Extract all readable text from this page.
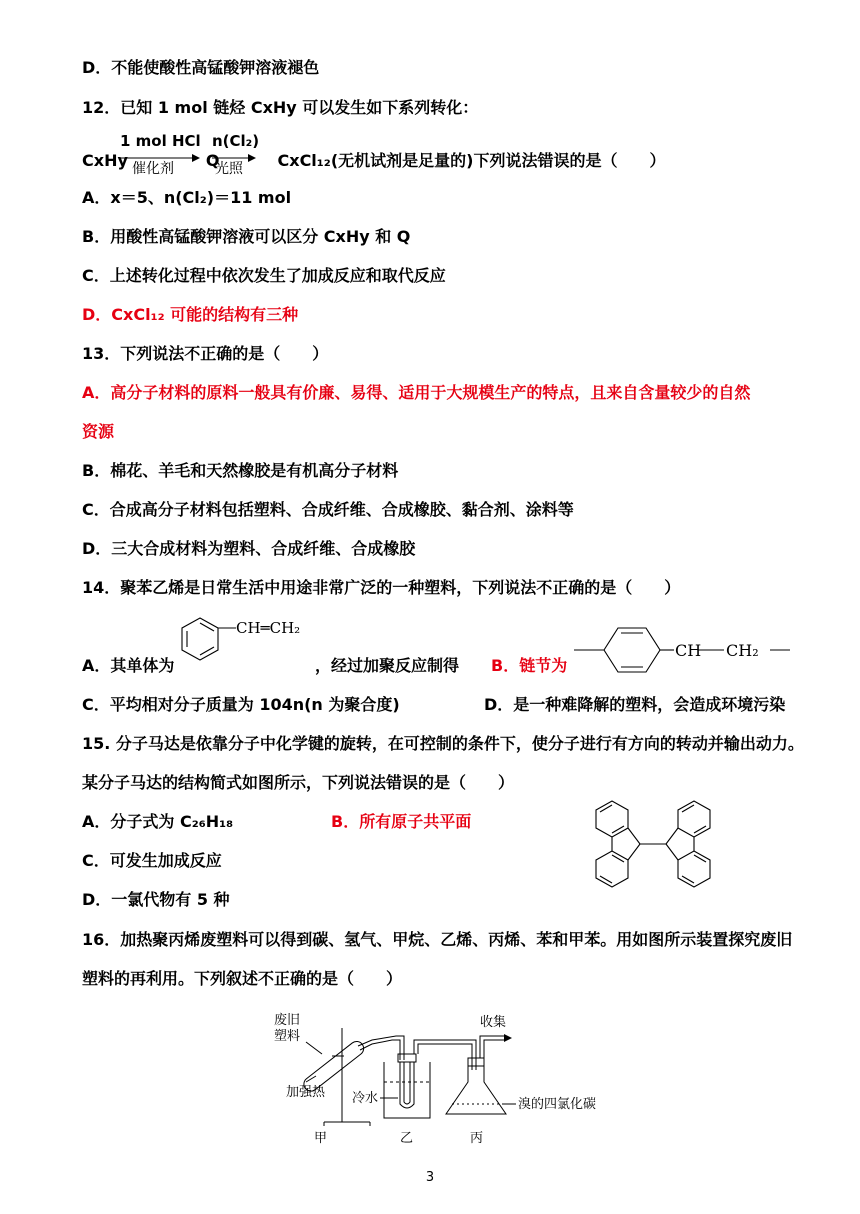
D．不能使酸性高锰酸钾溶液褪色
12．已知 1 mol 链烃 CxHy 可以发生如下系列转化：
1 mol HCl n(Cl₂)
CxHy	Q	CxCl₁₂(无机试剂是足量的)下列说法错误的是（　　）
催化剂	光照
A．x＝5、n(Cl₂)＝11 mol
B．用酸性高锰酸钾溶液可以区分 CxHy 和 Q
C．上述转化过程中依次发生了加成反应和取代反应
D．CxCl₁₂ 可能的结构有三种
13．下列说法不正确的是（　　）
A．高分子材料的原料一般具有价廉、易得、适用于大规模生产的特点，且来自含量较少的自然
资源
B．棉花、羊毛和天然橡胶是有机高分子材料
C．合成高分子材料包括塑料、合成纤维、合成橡胶、黏合剂、涂料等
D．三大合成材料为塑料、合成纤维、合成橡胶
14．聚苯乙烯是日常生活中用途非常广泛的一种塑料，下列说法不正确的是（　　）
CH═CH₂
A．其单体为	，经过加聚反应制得 B．链节为
CH CH₂
C．平均相对分子质量为 104n(n 为聚合度)	D．是一种难降解的塑料，会造成环境污染
15. 分子马达是依靠分子中化学键的旋转，在可控制的条件下，使分子进行有方向的转动并输出动力。
某分子马达的结构简式如图所示，下列说法错误的是（　　）
A．分子式为 C₂₆H₁₈	B．所有原子共平面
C．可发生加成反应
D．一氯代物有 5 种
16．加热聚丙烯废塑料可以得到碳、氢气、甲烷、乙烯、丙烯、苯和甲苯。用如图所示装置探究废旧
塑料的再利用。下列叙述不正确的是（　　）
废旧
塑料
加强热 冷水
收集
溴的四氯化碳
甲	乙	丙
3
